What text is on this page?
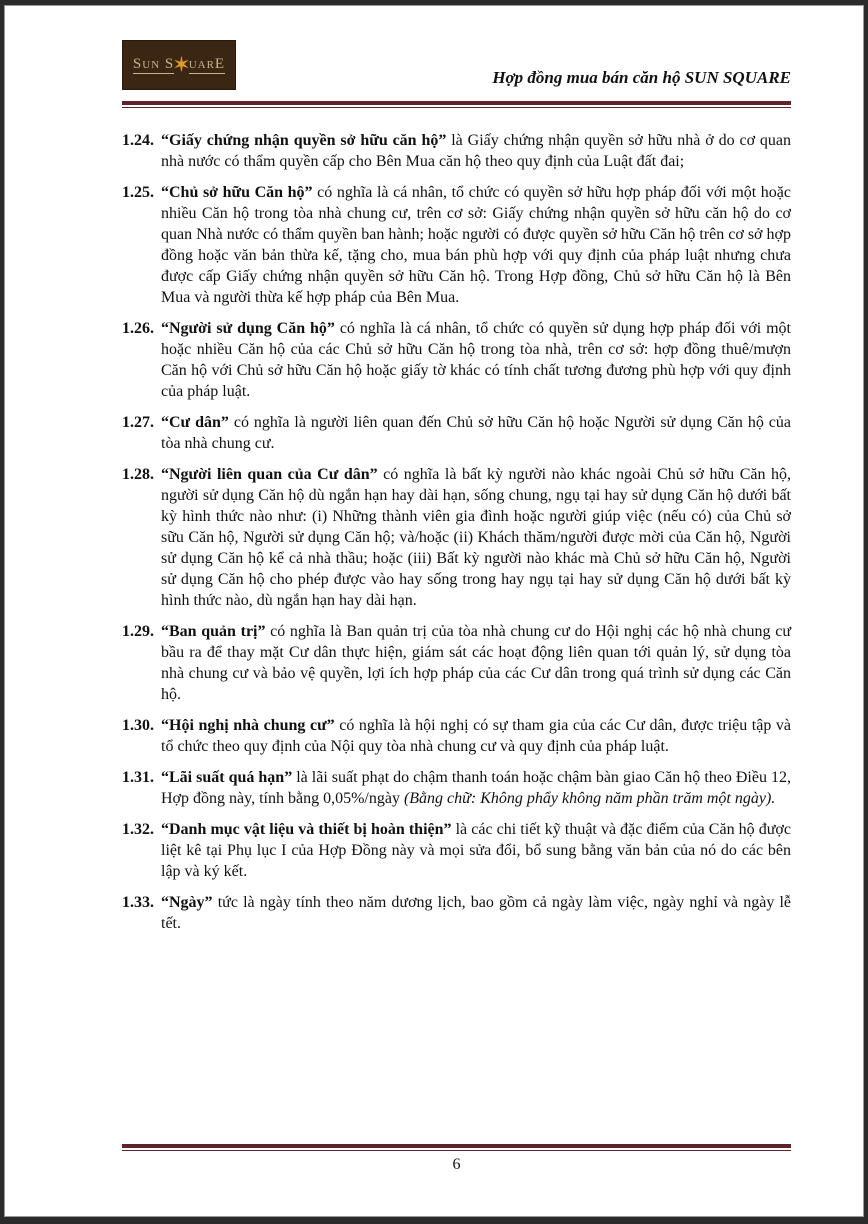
Sun S
✶
uarE
Hợp đồng mua bán căn hộ SUN SQUARE
1.24. “Giấy chứng nhận quyền sở hữu căn hộ” là Giấy chứng nhận quyền sở hữu nhà ở do cơ quan nhà nước có thẩm quyền cấp cho Bên Mua căn hộ theo quy định của Luật đất đai;
1.25. “Chủ sở hữu Căn hộ” có nghĩa là cá nhân, tổ chức có quyền sở hữu hợp pháp đối với một hoặc nhiều Căn hộ trong tòa nhà chung cư, trên cơ sở: Giấy chứng nhận quyền sở hữu căn hộ do cơ quan Nhà nước có thẩm quyền ban hành; hoặc người có được quyền sở hữu Căn hộ trên cơ sở hợp đồng hoặc văn bản thừa kế, tặng cho, mua bán phù hợp với quy định của pháp luật nhưng chưa được cấp Giấy chứng nhận quyền sở hữu Căn hộ. Trong Hợp đồng, Chủ sở hữu Căn hộ là Bên Mua và người thừa kế hợp pháp của Bên Mua.
1.26. “Người sử dụng Căn hộ” có nghĩa là cá nhân, tổ chức có quyền sử dụng hợp pháp đối với một hoặc nhiều Căn hộ của các Chủ sở hữu Căn hộ trong tòa nhà, trên cơ sở: hợp đồng thuê/mượn Căn hộ với Chủ sở hữu Căn hộ hoặc giấy tờ khác có tính chất tương đương phù hợp với quy định của pháp luật.
1.27. “Cư dân” có nghĩa là người liên quan đến Chủ sở hữu Căn hộ hoặc Người sử dụng Căn hộ của tòa nhà chung cư.
1.28. “Người liên quan của Cư dân” có nghĩa là bất kỳ người nào khác ngoài Chủ sở hữu Căn hộ, người sử dụng Căn hộ dù ngắn hạn hay dài hạn, sống chung, ngụ tại hay sử dụng Căn hộ dưới bất kỳ hình thức nào như: (i) Những thành viên gia đình hoặc người giúp việc (nếu có) của Chủ sở sữu Căn hộ, Người sử dụng Căn hộ; và/hoặc (ii) Khách thăm/người được mời của Căn hộ, Người sử dụng Căn hộ kể cả nhà thầu; hoặc (iii) Bất kỳ người nào khác mà Chủ sở hữu Căn hộ, Người sử dụng Căn hộ cho phép được vào hay sống trong hay ngụ tại hay sử dụng Căn hộ dưới bất kỳ hình thức nào, dù ngắn hạn hay dài hạn.
1.29. “Ban quản trị” có nghĩa là Ban quản trị của tòa nhà chung cư do Hội nghị các hộ nhà chung cư bầu ra để thay mặt Cư dân thực hiện, giám sát các hoạt động liên quan tới quản lý, sử dụng tòa nhà chung cư và bảo vệ quyền, lợi ích hợp pháp của các Cư dân trong quá trình sử dụng các Căn hộ.
1.30. “Hội nghị nhà chung cư” có nghĩa là hội nghị có sự tham gia của các Cư dân, được triệu tập và tổ chức theo quy định của Nội quy tòa nhà chung cư và quy định của pháp luật.
1.31. “Lãi suất quá hạn” là lãi suất phạt do chậm thanh toán hoặc chậm bàn giao Căn hộ theo Điều 12, Hợp đồng này, tính bằng 0,05%/ngày (Bằng chữ: Không phẩy không năm phần trăm một ngày).
1.32. “Danh mục vật liệu và thiết bị hoàn thiện” là các chi tiết kỹ thuật và đặc điểm của Căn hộ được liệt kê tại Phụ lục I của Hợp Đồng này và mọi sửa đổi, bổ sung bằng văn bản của nó do các bên lập và ký kết.
1.33. “Ngày” tức là ngày tính theo năm dương lịch, bao gồm cả ngày làm việc, ngày nghỉ và ngày lễ tết.
6
